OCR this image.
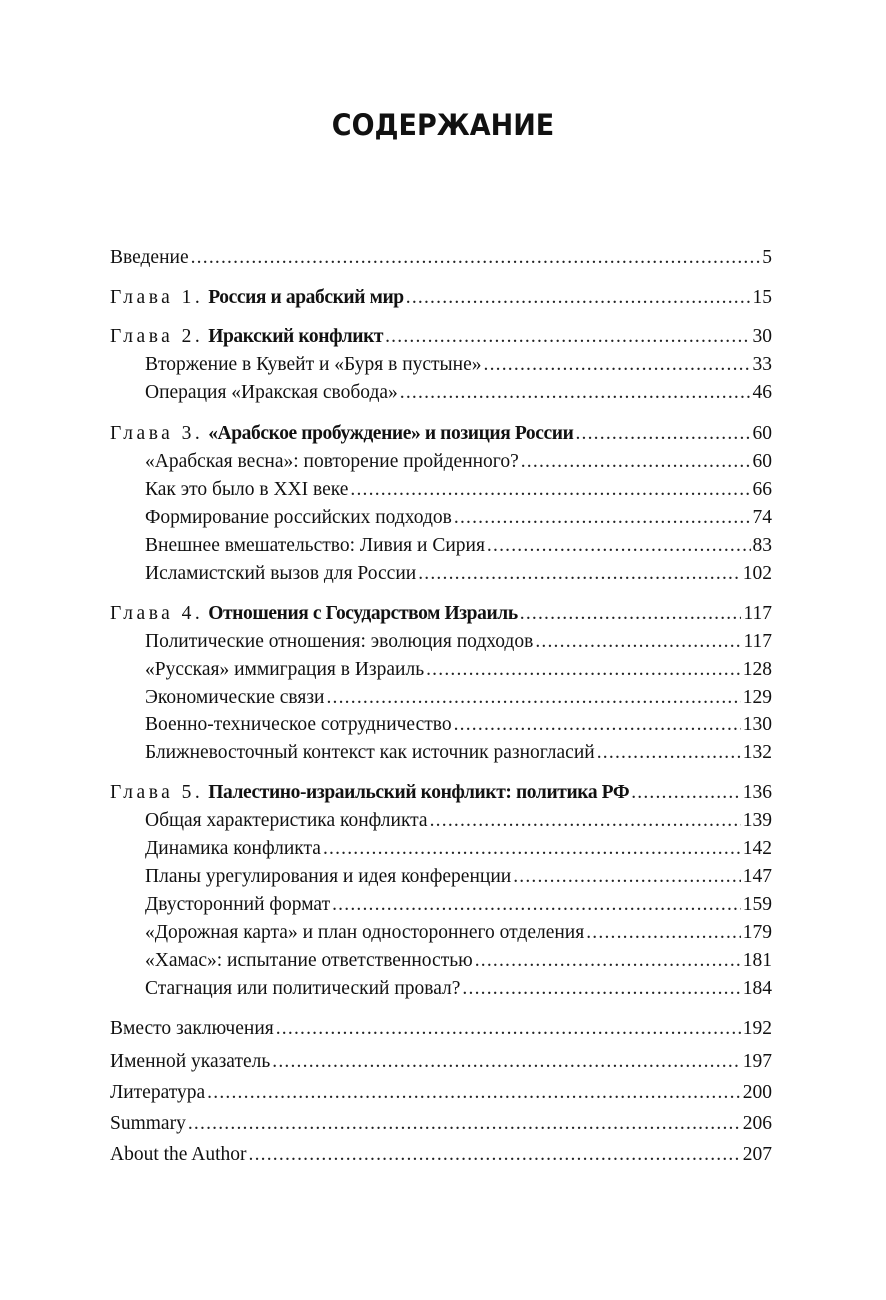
СОДЕРЖАНИЕ
Введение .....	5
Глава 1. Россия и арабский мир .....	15
Глава 2. Иракский конфликт .....	30
Вторжение в Кувейт и «Буря в пустыне» .....	33
Операция «Иракская свобода» .....	46
Глава 3. «Арабское пробуждение» и позиция России .....	60
«Арабская весна»: повторение пройденного? .....	60
Как это было в XXI веке .....	66
Формирование российских подходов .....	74
Внешнее вмешательство: Ливия и Сирия .....	83
Исламистский вызов для России .....	102
Глава 4. Отношения с Государством Израиль .....	117
Политические отношения: эволюция подходов .....	117
«Русская» иммиграция в Израиль .....	128
Экономические связи .....	129
Военно-техническое сотрудничество .....	130
Ближневосточный контекст как источник разногласий .....	132
Глава 5. Палестино-израильский конфликт: политика РФ .....	136
Общая характеристика конфликта .....	139
Динамика конфликта .....	142
Планы урегулирования и идея конференции .....	147
Двусторонний формат .....	159
«Дорожная карта» и план одностороннего отделения .....	179
«Хамас»: испытание ответственностью .....	181
Стагнация или политический провал? .....	184
Вместо заключения .....	192
Именной указатель .....	197
Литература .....	200
Summary .....	206
About the Author .....	207
